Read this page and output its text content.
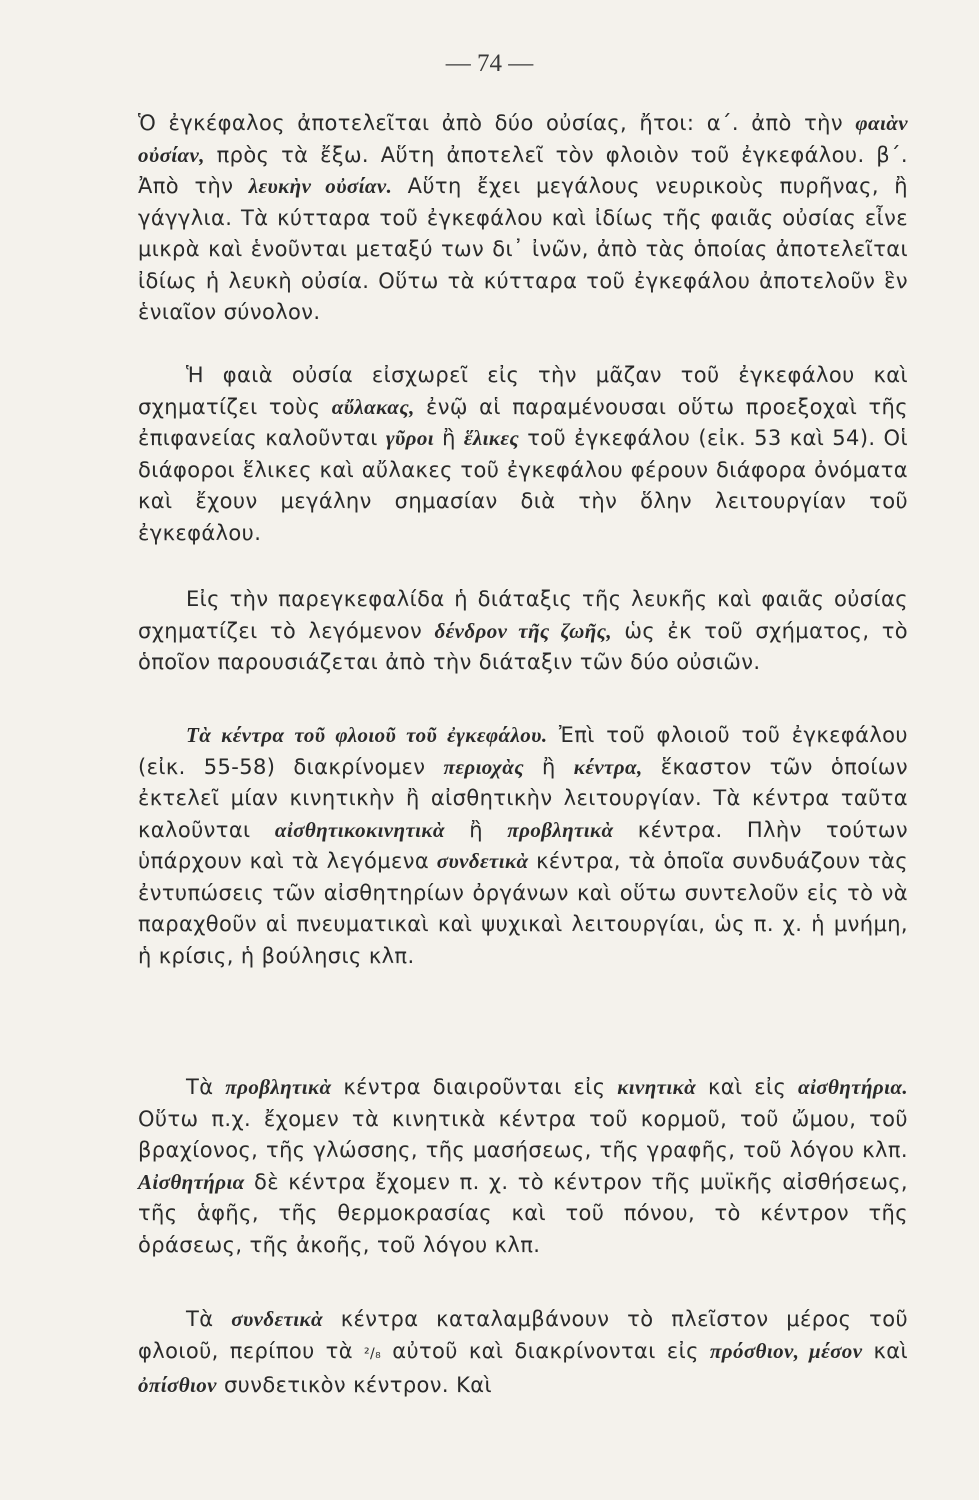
— 74 —

Ὁ ἐγκέφαλος ἀποτελεῖται ἀπὸ δύο οὐσίας, ἤτοι: α΄. ἀπὸ τὴν φαιὰν οὐσίαν, πρὸς τὰ ἔξω. Αὕτη ἀποτελεῖ τὸν φλοιὸν τοῦ ἐγκεφάλου. β΄. Ἀπὸ τὴν λευκὴν οὐσίαν. Αὕτη ἔχει μεγάλους νευρικοὺς πυρῆνας, ἢ γάγγλια. Τὰ κύτταρα τοῦ ἐγκεφάλου καὶ ἰδίως τῆς φαιᾶς οὐσίας εἶνε μικρὰ καὶ ἑνοῦνται μεταξύ των δι᾿ ἰνῶν, ἀπὸ τὰς ὁποίας ἀποτελεῖται ἰδίως ἡ λευκὴ οὐσία. Οὕτω τὰ κύτταρα τοῦ ἐγκεφάλου ἀποτελοῦν ἓν ἑνιαῖον σύνολον.

Ἡ φαιὰ οὐσία εἰσχωρεῖ εἰς τὴν μᾶζαν τοῦ ἐγκεφάλου καὶ σχηματίζει τοὺς αὔλακας, ἐνῷ αἱ παραμένουσαι οὕτω προεξοχαὶ τῆς ἐπιφανείας καλοῦνται γῦροι ἢ ἕλικες τοῦ ἐγκεφάλου (εἰκ. 53 καὶ 54). Οἱ διάφοροι ἕλικες καὶ αὔλακες τοῦ ἐγκεφάλου φέρουν διάφορα ὀνόματα καὶ ἔχουν μεγάλην σημασίαν διὰ τὴν ὅλην λειτουργίαν τοῦ ἐγκεφάλου.

Εἰς τὴν παρεγκεφαλίδα ἡ διάταξις τῆς λευκῆς καὶ φαιᾶς οὐσίας σχηματίζει τὸ λεγόμενον δένδρον τῆς ζωῆς, ὡς ἐκ τοῦ σχήματος, τὸ ὁποῖον παρουσιάζεται ἀπὸ τὴν διάταξιν τῶν δύο οὐσιῶν.

Τὰ κέντρα τοῦ φλοιοῦ τοῦ ἐγκεφάλου. Ἐπὶ τοῦ φλοιοῦ τοῦ ἐγκεφάλου (εἰκ. 55-58) διακρίνομεν περιοχὰς ἢ κέντρα, ἕκαστον τῶν ὁποίων ἐκτελεῖ μίαν κινητικὴν ἢ αἰσθητικὴν λειτουργίαν. Τὰ κέντρα ταῦτα καλοῦνται αἰσθητικοκινητικὰ ἢ προβλητικὰ κέντρα. Πλὴν τούτων ὑπάρχουν καὶ τὰ λεγόμενα συνδετικὰ κέντρα, τὰ ὁποῖα συνδυάζουν τὰς ἐντυπώσεις τῶν αἰσθητηρίων ὀργάνων καὶ οὕτω συντελοῦν εἰς τὸ νὰ παραχθοῦν αἱ πνευματικαὶ καὶ ψυχικαὶ λειτουργίαι, ὡς π. χ. ἡ μνήμη, ἡ κρίσις, ἡ βούλησις κλπ.

Τὰ προβλητικὰ κέντρα διαιροῦνται εἰς κινητικὰ καὶ εἰς αἰσθητήρια. Οὕτω π.χ. ἔχομεν τὰ κινητικὰ κέντρα τοῦ κορμοῦ, τοῦ ὤμου, τοῦ βραχίονος, τῆς γλώσσης, τῆς μασήσεως, τῆς γραφῆς, τοῦ λόγου κλπ. Αἰσθητήρια δὲ κέντρα ἔχομεν π. χ. τὸ κέντρον τῆς μυϊκῆς αἰσθήσεως, τῆς ἁφῆς, τῆς θερμοκρασίας καὶ τοῦ πόνου, τὸ κέντρον τῆς ὁράσεως, τῆς ἀκοῆς, τοῦ λόγου κλπ.

Τὰ συνδετικὰ κέντρα καταλαμβάνουν τὸ πλεῖστον μέρος τοῦ φλοιοῦ, περίπου τὰ ²/₈ αὐτοῦ καὶ διακρίνονται εἰς πρόσθιον, μέσον καὶ ὀπίσθιον συνδετικὸν κέντρον. Καὶ
